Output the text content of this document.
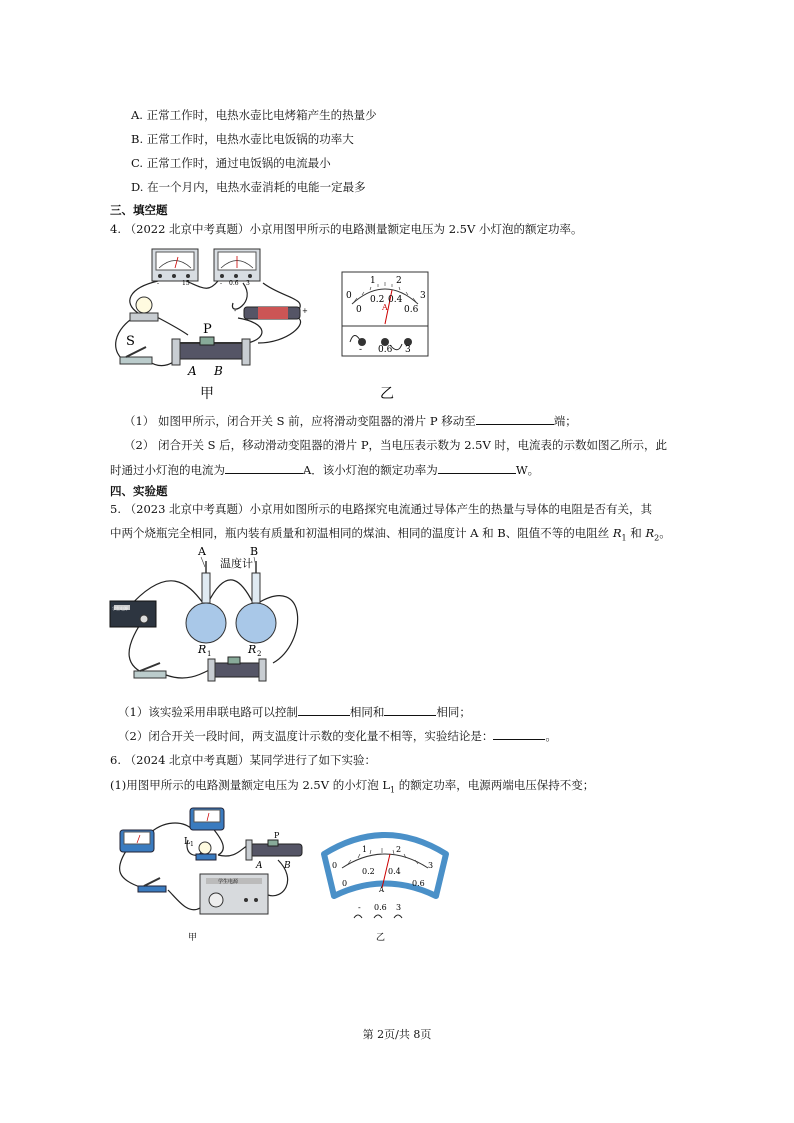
A. 正常工作时，电热水壶比电烤箱产生的热量少
B. 正常工作时，电热水壶比电饭锅的功率大
C. 正常工作时，通过电饭锅的电流最小
D. 在一个月内，电热水壶消耗的电能一定最多
三、填空题
4. （2022 北京中考真题）小京用图甲所示的电路测量额定电压为 2.5V 小灯泡的额定功率。
-	15	- 0.6 3
-	+
S
P
A B
甲
0
1 2
3
0
0.2 0.4
0.6
A
- 0.6 3
乙
（1） 如图甲所示，闭合开关 S 前，应将滑动变阻器的滑片 P 移动至	端；
（2） 闭合开关 S 后，移动滑动变阻器的滑片 P，当电压表示数为 2.5V 时，电流表的示数如图乙所示，此
时通过小灯泡的电流为	A．该小灯泡的额定功率为	W。
四、实验题
5. （2023 北京中考真题）小京用如图所示的电路探究电流通过导体产生的热量与导体的电阻是否有关，其
中两个烧瓶完全相同，瓶内装有质量和初温相同的煤油、相同的温度计 A 和 B、阻值不等的电阻丝 $R_1$ 和 $R_2$。
A	B
温度计
学生电源
R 1	R 2
（1）该实验采用串联电路可以控制	相同和	相同；
（2）闭合开关一段时间，两支温度计示数的变化量不相等，实验结论是：	。
6. （2024 北京中考真题）某同学进行了如下实验：
(1)用图甲所示的电路测量额定电压为 2.5V 的小灯泡 $L_1$ 的额定功率，电源两端电压保持不变；
L 1
P
A B
学生电源
甲
0
1	2
3
0
0.2 0.4
0.6
A
- 0.6 3
乙
第 2页/共 8页
